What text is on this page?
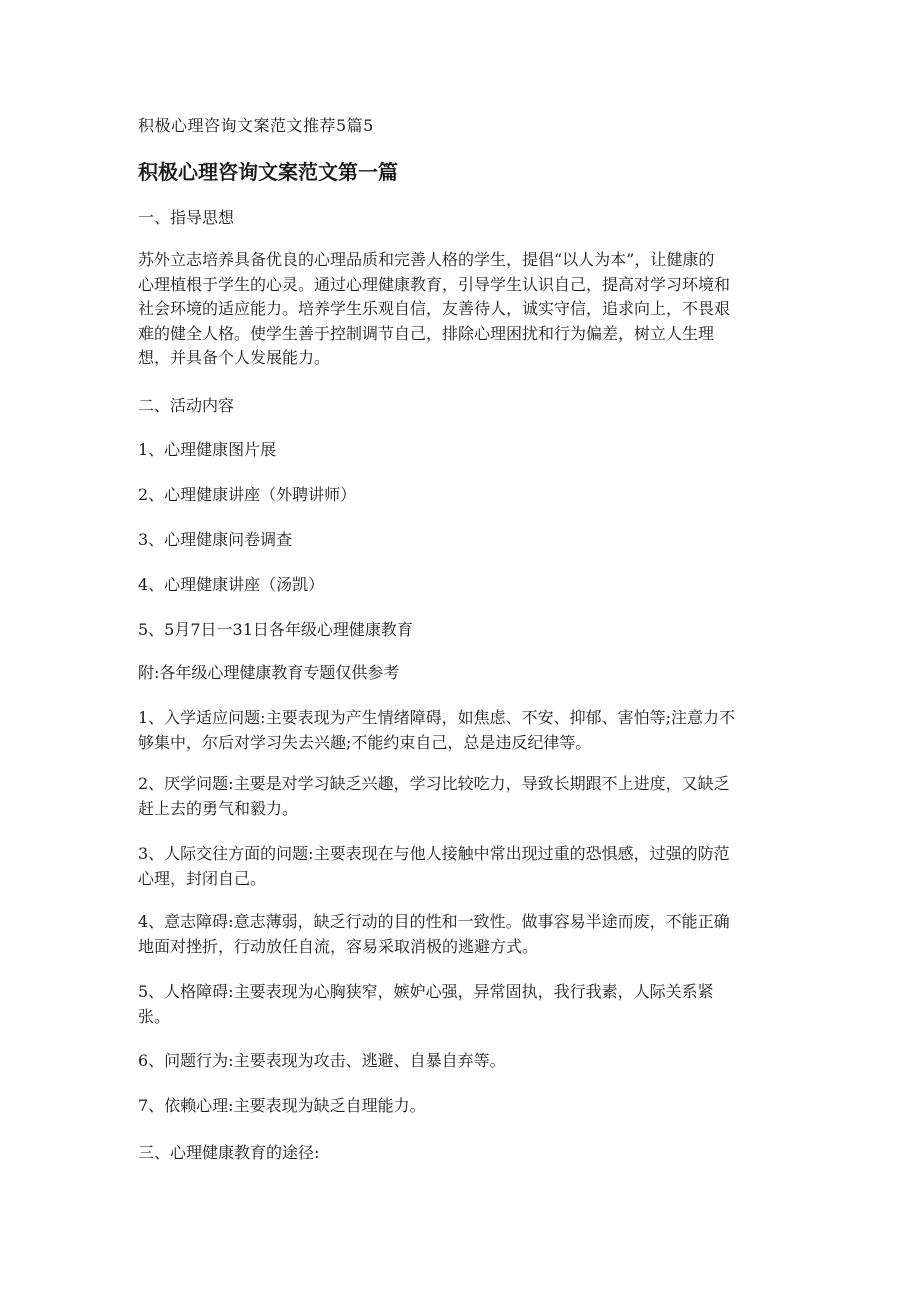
积极心理咨询文案范文推荐5篇5
积极心理咨询文案范文第一篇
一、指导思想
苏外立志培养具备优良的心理品质和完善人格的学生，提倡“以人为本”，让健康的
心理植根于学生的心灵。通过心理健康教育，引导学生认识自己，提高对学习环境和
社会环境的适应能力。培养学生乐观自信，友善待人，诚实守信，追求向上，不畏艰
难的健全人格。使学生善于控制调节自己，排除心理困扰和行为偏差，树立人生理
想，并具备个人发展能力。
二、活动内容
1、心理健康图片展
2、心理健康讲座（外聘讲师）
3、心理健康问卷调查
4、心理健康讲座（汤凯）
5、5月7日一31日各年级心理健康教育
附:各年级心理健康教育专题仅供参考
1、入学适应问题:主要表现为产生情绪障碍，如焦虑、不安、抑郁、害怕等;注意力不
够集中，尔后对学习失去兴趣;不能约束自己，总是违反纪律等。
2、厌学问题:主要是对学习缺乏兴趣，学习比较吃力，导致长期跟不上进度，又缺乏
赶上去的勇气和毅力。
3、人际交往方面的问题:主要表现在与他人接触中常出现过重的恐惧感，过强的防范
心理，封闭自己。
4、意志障碍:意志薄弱，缺乏行动的目的性和一致性。做事容易半途而废，不能正确
地面对挫折，行动放任自流，容易采取消极的逃避方式。
5、人格障碍:主要表现为心胸狭窄，嫉妒心强，异常固执，我行我素，人际关系紧
张。
6、问题行为:主要表现为攻击、逃避、自暴自弃等。
7、依赖心理:主要表现为缺乏自理能力。
三、心理健康教育的途径:
